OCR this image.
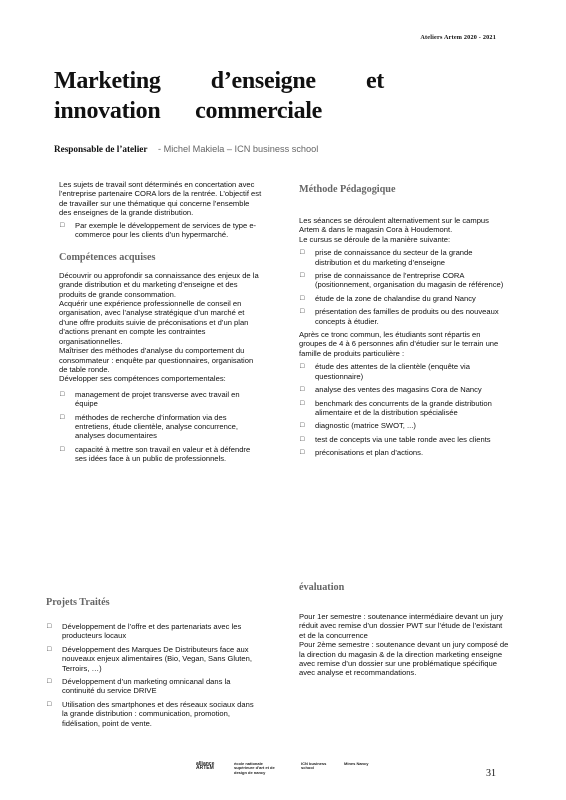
Ateliers Artem 2020 - 2021
Marketing d’enseigne et
innovation commerciale
Responsable de l’atelier - Michel Makiela – ICN business school

Les sujets de travail sont déterminés en concertation avec l’entreprise partenaire CORA lors de la rentrée. L’objectif est de travailler sur une thématique qui concerne l’ensemble des enseignes de la grande distribution.

□ Par exemple le développement de services de type e-commerce pour les clients d’un hypermarché.
Compétences acquises

Découvrir ou approfondir sa connaissance des enjeux de la grande distribution et du marketing d’enseigne et des produits de grande consommation.

Acquérir une expérience professionnelle de conseil en organisation, avec l’analyse stratégique d’un marché et d’une offre produits suivie de préconisations et d’un plan d’actions prenant en compte les contraintes organisationnelles.

Maîtriser des méthodes d’analyse du comportement du consommateur : enquête par questionnaires, organisation de table ronde.

Développer ses compétences comportementales:

□ management de projet transverse avec travail en équipe
□ méthodes de recherche d’information via des entretiens, étude clientèle, analyse concurrence, analyses documentaires
□ capacité à mettre son travail en valeur et à défendre ses idées face à un public de professionnels.
Projets Traités
□ Développement de l’offre et des partenariats avec les producteurs locaux
□ Développement des Marques De Distributeurs face aux nouveaux enjeux alimentaires (Bio, Vegan, Sans Gluten, Terroirs, …)
□ Développement d’un marketing omnicanal dans la continuité du service DRIVE
□ Utilisation des smartphones et des réseaux sociaux dans la grande distribution : communication, promotion, fidélisation, point de vente.
Méthode Pédagogique

Les séances se déroulent alternativement sur le campus Artem & dans le magasin Cora à Houdemont.

Le cursus se déroule de la manière suivante:

□ prise de connaissance du secteur de la grande distribution et du marketing d’enseigne
□ prise de connaissance de l’entreprise CORA (positionnement, organisation du magasin de référence)
□ étude de la zone de chalandise du grand Nancy
□ présentation des familles de produits ou des nouveaux concepts à étudier.

Après ce tronc commun, les étudiants sont répartis en groupes de 4 à 6 personnes afin d’étudier sur le terrain une famille de produits particulière :

□ étude des attentes de la clientèle (enquête via questionnaire)
□ analyse des ventes des magasins Cora de Nancy
□ benchmark des concurrents de la grande distribution alimentaire et de la distribution spécialisée
□ diagnostic (matrice SWOT, ...)
□ test de concepts via une table ronde avec les clients
□ préconisations et plan d’actions.
évaluation

Pour 1er semestre : soutenance intermédiaire devant un jury réduit avec remise d’un dossier PWT sur l’étude de l’existant et de la concurrence

Pour 2ème semestre : soutenance devant un jury composé de la direction du magasin & de la direction marketing enseigne avec remise d’un dossier sur une problématique spécifique avec analyse et recommandations.

alliance ARTEM
école nationale supérieure d’art et de design de nancy
ICN business school
Mines Nancy
31
